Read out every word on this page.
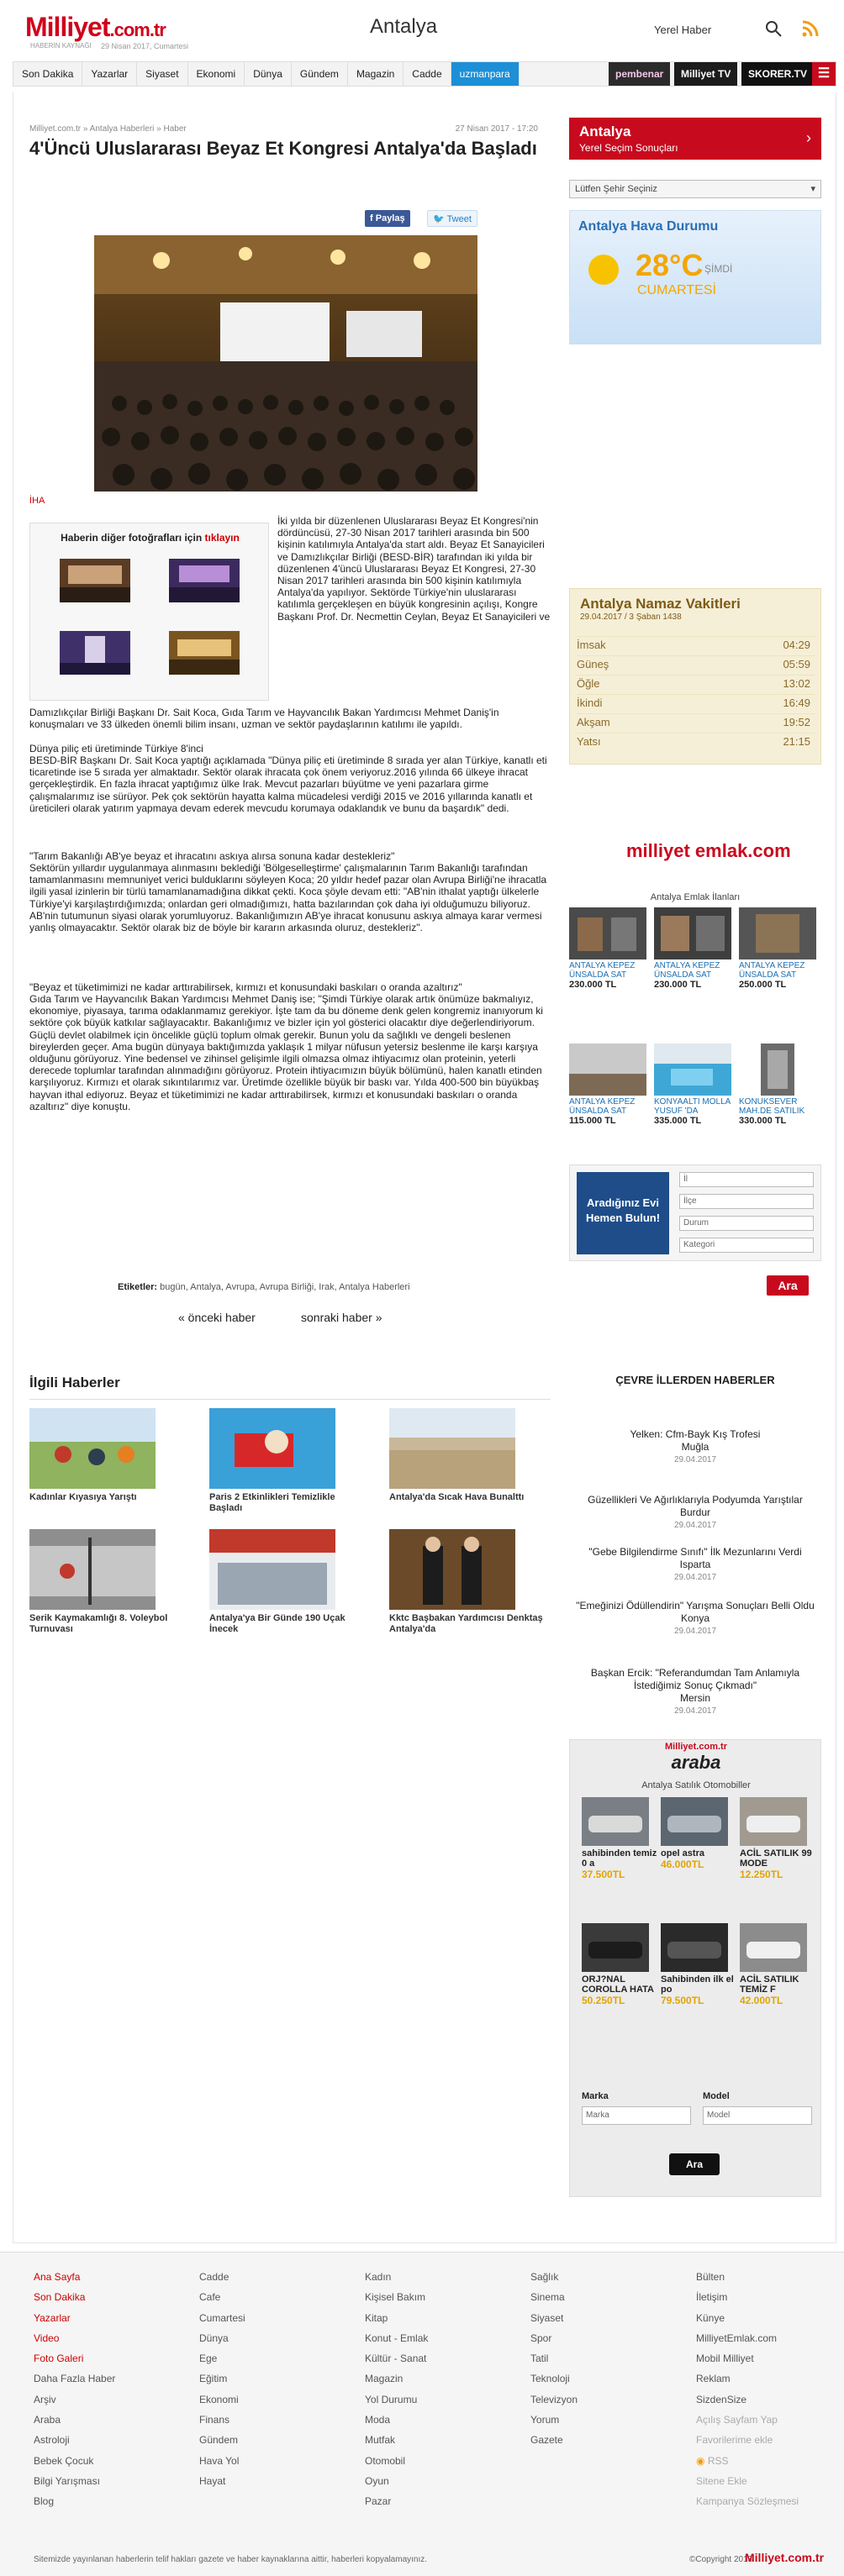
Milliyet.com.tr
HABERİN KAYNAĞI 29 Nisan 2017, Cumartesi
Antalya	Yerel Haber
Son Dakika	Yazarlar	Siyaset	Ekonomi	Dünya	Gündem	Magazin	Cadde	uzmanpara	pembenar	Milliyet TV	SKORER.TV ☰
Milliyet.com.tr » Antalya Haberleri » Haber	27 Nisan 2017 - 17:20
4'Üncü Uluslararası Beyaz Et Kongresi Antalya'da Başladı
f Paylaş	🐦 Tweet
İHA
Haberin diğer fotoğrafları için tıklayın
İki yılda bir düzenlenen Uluslararası Beyaz Et Kongresi'nin dördüncüsü, 27-30 Nisan 2017 tarihleri arasında bin 500 kişinin katılımıyla Antalya'da start aldı. Beyaz Et Sanayicileri ve Damızlıkçılar Birliği (BESD-BİR) tarafından iki yılda bir düzenlenen 4'üncü Uluslararası Beyaz Et Kongresi, 27-30 Nisan 2017 tarihleri arasında bin 500 kişinin katılımıyla Antalya'da yapılıyor. Sektörde Türkiye'nin uluslararası katılımla gerçekleşen en büyük kongresinin açılışı, Kongre Başkanı Prof. Dr. Necmettin Ceylan, Beyaz Et Sanayicileri ve
Damızlıkçılar Birliği Başkanı Dr. Sait Koca, Gıda Tarım ve Hayvancılık Bakan Yardımcısı Mehmet Daniş'in konuşmaları ve 33 ülkeden önemli bilim insanı, uzman ve sektör paydaşlarının katılımı ile yapıldı.
Dünya piliç eti üretiminde Türkiye 8'inci
BESD-BİR Başkanı Dr. Sait Koca yaptığı açıklamada "Dünya piliç eti üretiminde 8 sırada yer alan Türkiye, kanatlı eti ticaretinde ise 5 sırada yer almaktadır. Sektör olarak ihracata çok önem veriyoruz.2016 yılında 66 ülkeye ihracat gerçekleştirdik. En fazla ihracat yaptığımız ülke Irak. Mevcut pazarları büyütme ve yeni pazarlara girme çalışmalarımız ise sürüyor. Pek çok sektörün hayatta kalma mücadelesi verdiği 2015 ve 2016 yıllarında kanatlı et üreticileri olarak yatırım yapmaya devam ederek mevcudu korumaya odaklandık ve bunu da başardık" dedi.
"Tarım Bakanlığı AB'ye beyaz et ihracatını askıya alırsa sonuna kadar destekleriz"
Sektörün yıllardır uygulanmaya alınmasını beklediği 'Bölgeselleştirme' çalışmalarının Tarım Bakanlığı tarafından tamamlanmasını memnuniyet verici bulduklarını söyleyen Koca; 20 yıldır hedef pazar olan Avrupa Birliği'ne ihracatla ilgili yasal izinlerin bir türlü tamamlanamadığına dikkat çekti. Koca şöyle devam etti: "AB'nin ithalat yaptığı ülkelerle Türkiye'yi karşılaştırdığımızda; onlardan geri olmadığımızı, hatta bazılarından çok daha iyi olduğumuzu biliyoruz. AB'nin tutumunun siyasi olarak yorumluyoruz. Bakanlığımızın AB'ye ihracat konusunu askıya almaya karar vermesi yanlış olmayacaktır. Sektör olarak biz de böyle bir kararın arkasında oluruz, destekleriz".
"Beyaz et tüketimimizi ne kadar arttırabilirsek, kırmızı et konusundaki baskıları o oranda azaltırız"
Gıda Tarım ve Hayvancılık Bakan Yardımcısı Mehmet Daniş ise; "Şimdi Türkiye olarak artık önümüze bakmalıyız, ekonomiye, piyasaya, tarıma odaklanmamız gerekiyor. İşte tam da bu döneme denk gelen kongremiz inanıyorum ki sektöre çok büyük katkılar sağlayacaktır. Bakanlığımız ve bizler için yol gösterici olacaktır diye değerlendiriyorum. Güçlü devlet olabilmek için öncelikle güçlü toplum olmak gerekir. Bunun yolu da sağlıklı ve dengeli beslenen bireylerden geçer. Ama bugün dünyaya baktığımızda yaklaşık 1 milyar nüfusun yetersiz beslenme ile karşı karşıya olduğunu görüyoruz. Yine bedensel ve zihinsel gelişimle ilgili olmazsa olmaz ihtiyacımız olan proteinin, yeterli derecede toplumlar tarafından alınmadığını görüyoruz. Protein ihtiyacımızın büyük bölümünü, halen kanatlı etinden karşılıyoruz. Kırmızı et olarak sıkıntılarımız var. Üretimde özellikle büyük bir baskı var. Yılda 400-500 bin büyükbaş hayvan ithal ediyoruz. Beyaz et tüketimimizi ne kadar arttırabilirsek, kırmızı et konusundaki baskıları o oranda azaltırız" diye konuştu.
Etiketler: bugün, Antalya, Avrupa, Avrupa Birliği, Irak, Antalya Haberleri
« önceki haber	sonraki haber »
İlgili Haberler
Kadınlar Kıyasıya Yarıştı	Paris 2 Etkinlikleri Temizlikle Başladı
Antalya'da Sıcak Hava Bunalttı
Serik Kaymakamlığı 8. Voleybol Turnuvası
Antalya'ya Bir Günde 190 Uçak İnecek
Kktc Başbakan Yardımcısı Denktaş Antalya'da
Antalya
Yerel Seçim Sonuçları
›
Lütfen Şehir Seçiniz	▾
Antalya Hava Durumu
28°C ŞİMDİ
CUMARTESİ
Antalya Namaz Vakitleri
29.04.2017 / 3 Şaban 1438
İmsak	04:29
Güneş	05:59
Öğle	13:02
İkindi	16:49
Akşam	19:52
Yatsı	21:15
milliyet emlak.com
Antalya Emlak İlanları
ANTALYA KEPEZ ÜNSALDA SAT
230.000 TL
ANTALYA KEPEZ ÜNSALDA SAT
230.000 TL
ANTALYA KEPEZ ÜNSALDA SAT
250.000 TL
ANTALYA KEPEZ ÜNSALDA SAT
115.000 TL
KONYAALTI MOLLA YUSUF 'DA
335.000 TL
KONUKSEVER MAH.DE SATILIK
330.000 TL
Aradığınız Evi Hemen Bulun!
İl
İlçe
Durum
Kategori
Ara
ÇEVRE İLLERDEN HABERLER
Yelken: Cfm-Bayk Kış Trofesi
Muğla
29.04.2017
Güzellikleri Ve Ağırlıklarıyla Podyumda Yarıştılar
Burdur
29.04.2017
"Gebe Bilgilendirme Sınıfı" İlk Mezunlarını Verdi
Isparta
29.04.2017
"Emeğinizi Ödüllendirin" Yarışma Sonuçları Belli Oldu
Konya
29.04.2017
Başkan Ercik: "Referandumdan Tam Anlamıyla İstediğimiz Sonuç Çıkmadı"
Mersin
29.04.2017
Milliyet.com.tr
araba
Antalya Satılık Otomobiller
sahibinden temiz 0 a
37.500TL
opel astra
46.000TL
ACİL SATILIK 99 MODE
12.250TL
ORJ?NAL COROLLA HATA
50.250TL
Sahibinden ilk el po
79.500TL
ACİL SATILIK TEMİZ F
42.000TL
Marka	Model
Marka	Model
Ara
Ana Sayfa
Son Dakika
Yazarlar
Video
Foto Galeri
Daha Fazla Haber
Arşiv
Araba
Astroloji
Bebek Çocuk
Bilgi Yarışması
Blog
Cadde
Cafe
Cumartesi
Dünya
Ege
Eğitim
Ekonomi
Finans
Gündem
Hava Yol
Hayat
Kadın
Kişisel Bakım
Kitap
Konut - Emlak
Kültür - Sanat
Magazin
Yol Durumu
Moda
Mutfak
Otomobil
Oyun
Pazar
Sağlık
Sinema
Siyaset
Spor
Tatil
Teknoloji
Televizyon
Yorum
Gazete
Bülten
İletişim
Künye
MilliyetEmlak.com
Mobil Milliyet
Reklam
SizdenSize
Açılış Sayfam Yap
Favorilerime ekle
◉ RSS
Sitene Ekle
Kampanya Sözleşmesi
Sitemizde yayınlanan haberlerin telif hakları gazete ve haber kaynaklarına aittir, haberleri kopyalamayınız.	©Copyright 2013
Milliyet.com.tr
